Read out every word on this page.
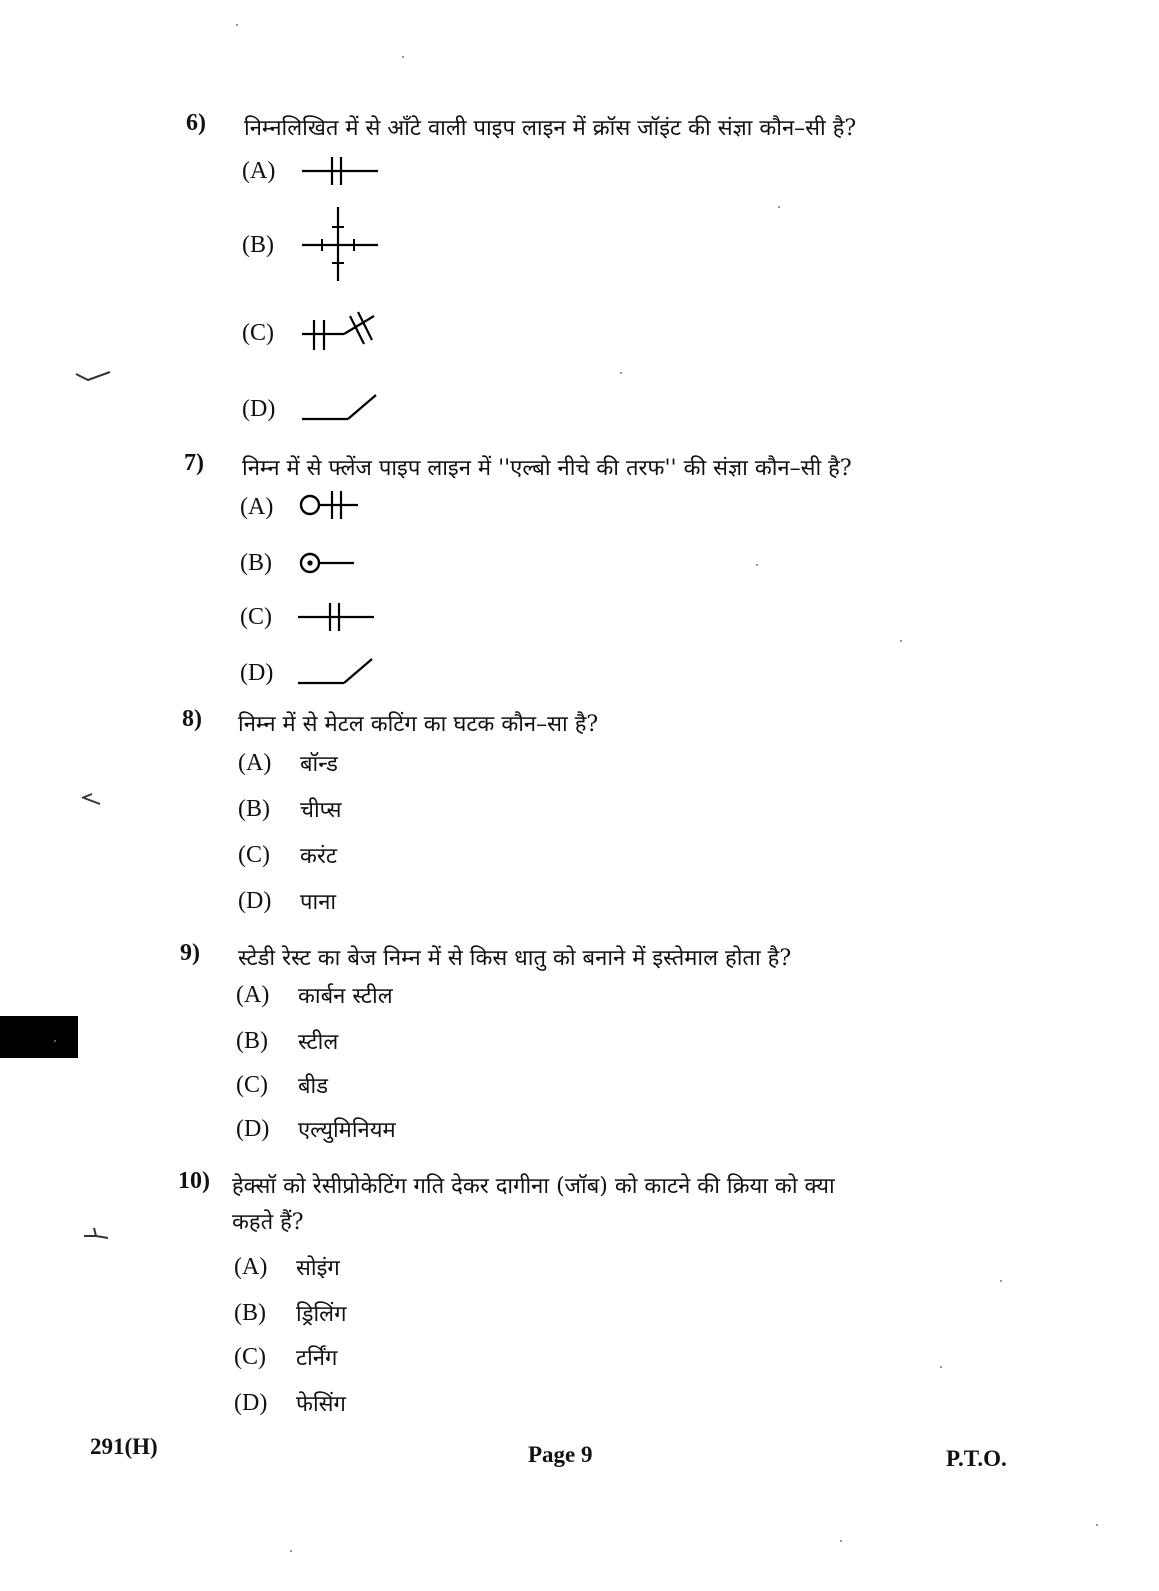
6) निम्नलिखित में से आँटे वाली पाइप लाइन में क्रॉस जॉइंट की संज्ञा कौन–सी है?
(A)
(B)
(C)
(D)
7) निम्न में से फ्लेंज पाइप लाइन में ''एल्बो नीचे की तरफ'' की संज्ञा कौन–सी है?
(A)
(B)
(C)
(D)
8) निम्न में से मेटल कटिंग का घटक कौन–सा है?
(A)	बॉन्ड
(B)	चीप्स
(C)	करंट
(D)	पाना
9) स्टेडी रेस्ट का बेज निम्न में से किस धातु को बनाने में इस्तेमाल होता है?
(A)	कार्बन स्टील
(B)	स्टील
(C)	बीड
(D)	एल्युमिनियम
10) हेक्सॉ को रेसीप्रोकेटिंग गति देकर दागीना (जॉब) को काटने की क्रिया को क्या
कहते हैं?
(A)	सोइंग
(B)	ड्रिलिंग
(C)	टर्निंग
(D)	फेसिंग
291(H)	Page 9	P.T.O.
